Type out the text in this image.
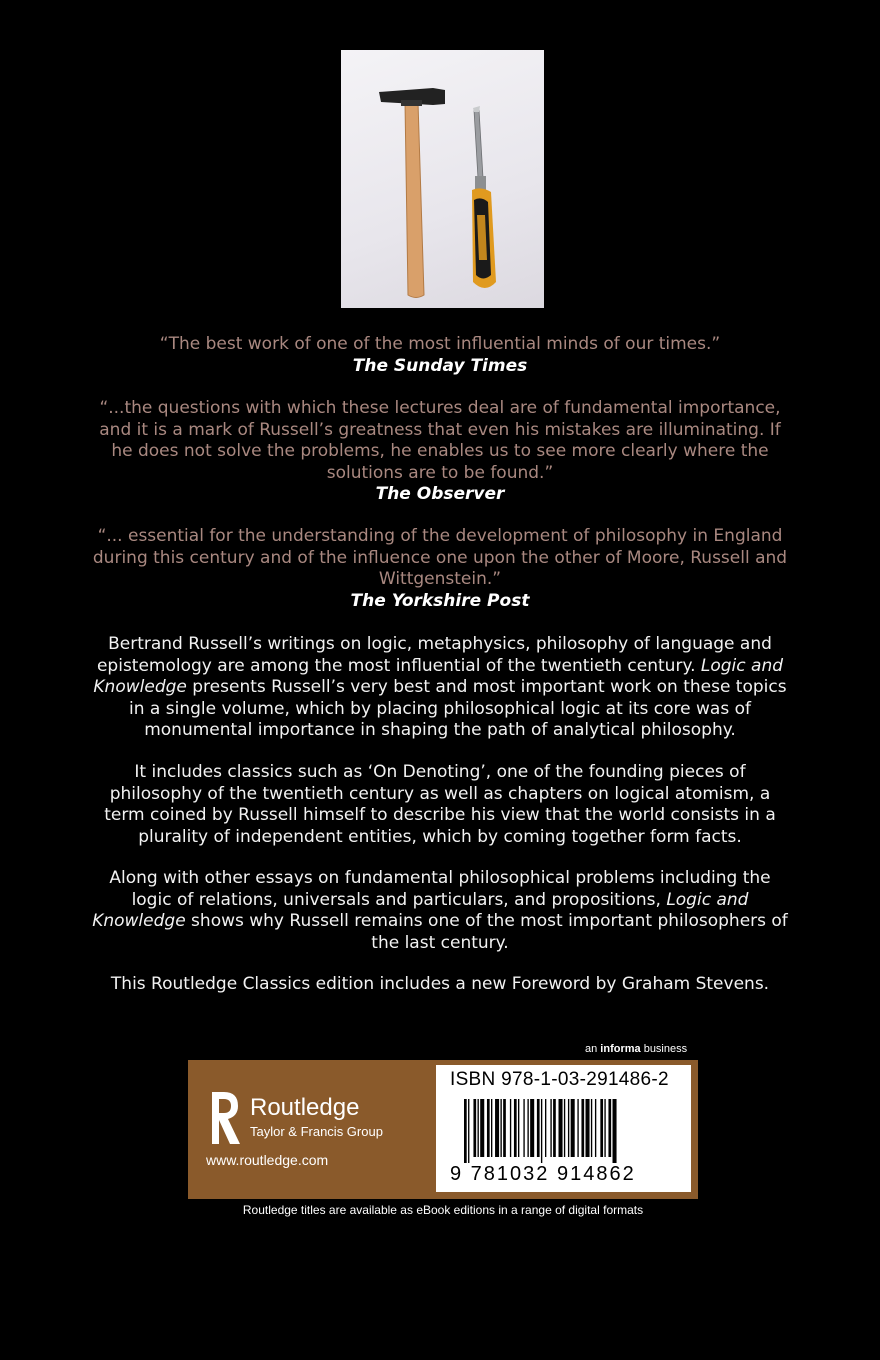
“The best work of one of the most influential minds of our times.”
The Sunday Times
“...the questions with which these lectures deal are of fundamental importance, and it is a mark of Russell’s greatness that even his mistakes are illuminating. If he does not solve the problems, he enables us to see more clearly where the solutions are to be found.”
The Observer
“... essential for the understanding of the development of philosophy in England during this century and of the influence one upon the other of Moore, Russell and Wittgenstein.”
The Yorkshire Post
Bertrand Russell’s writings on logic, metaphysics, philosophy of language and epistemology are among the most influential of the twentieth century. Logic and Knowledge presents Russell’s very best and most important work on these topics in a single volume, which by placing philosophical logic at its core was of monumental importance in shaping the path of analytical philosophy.
It includes classics such as ‘On Denoting’, one of the founding pieces of philosophy of the twentieth century as well as chapters on logical atomism, a term coined by Russell himself to describe his view that the world consists in a plurality of independent entities, which by coming together form facts.
Along with other essays on fundamental philosophical problems including the logic of relations, universals and particulars, and propositions, Logic and Knowledge shows why Russell remains one of the most important philosophers of the last century.
This Routledge Classics edition includes a new Foreword by Graham Stevens.
an informa business
Routledge
Taylor & Francis Group
www.routledge.com
ISBN 978-1-03-291486-2
9 781032 914862
Routledge titles are available as eBook editions in a range of digital formats
